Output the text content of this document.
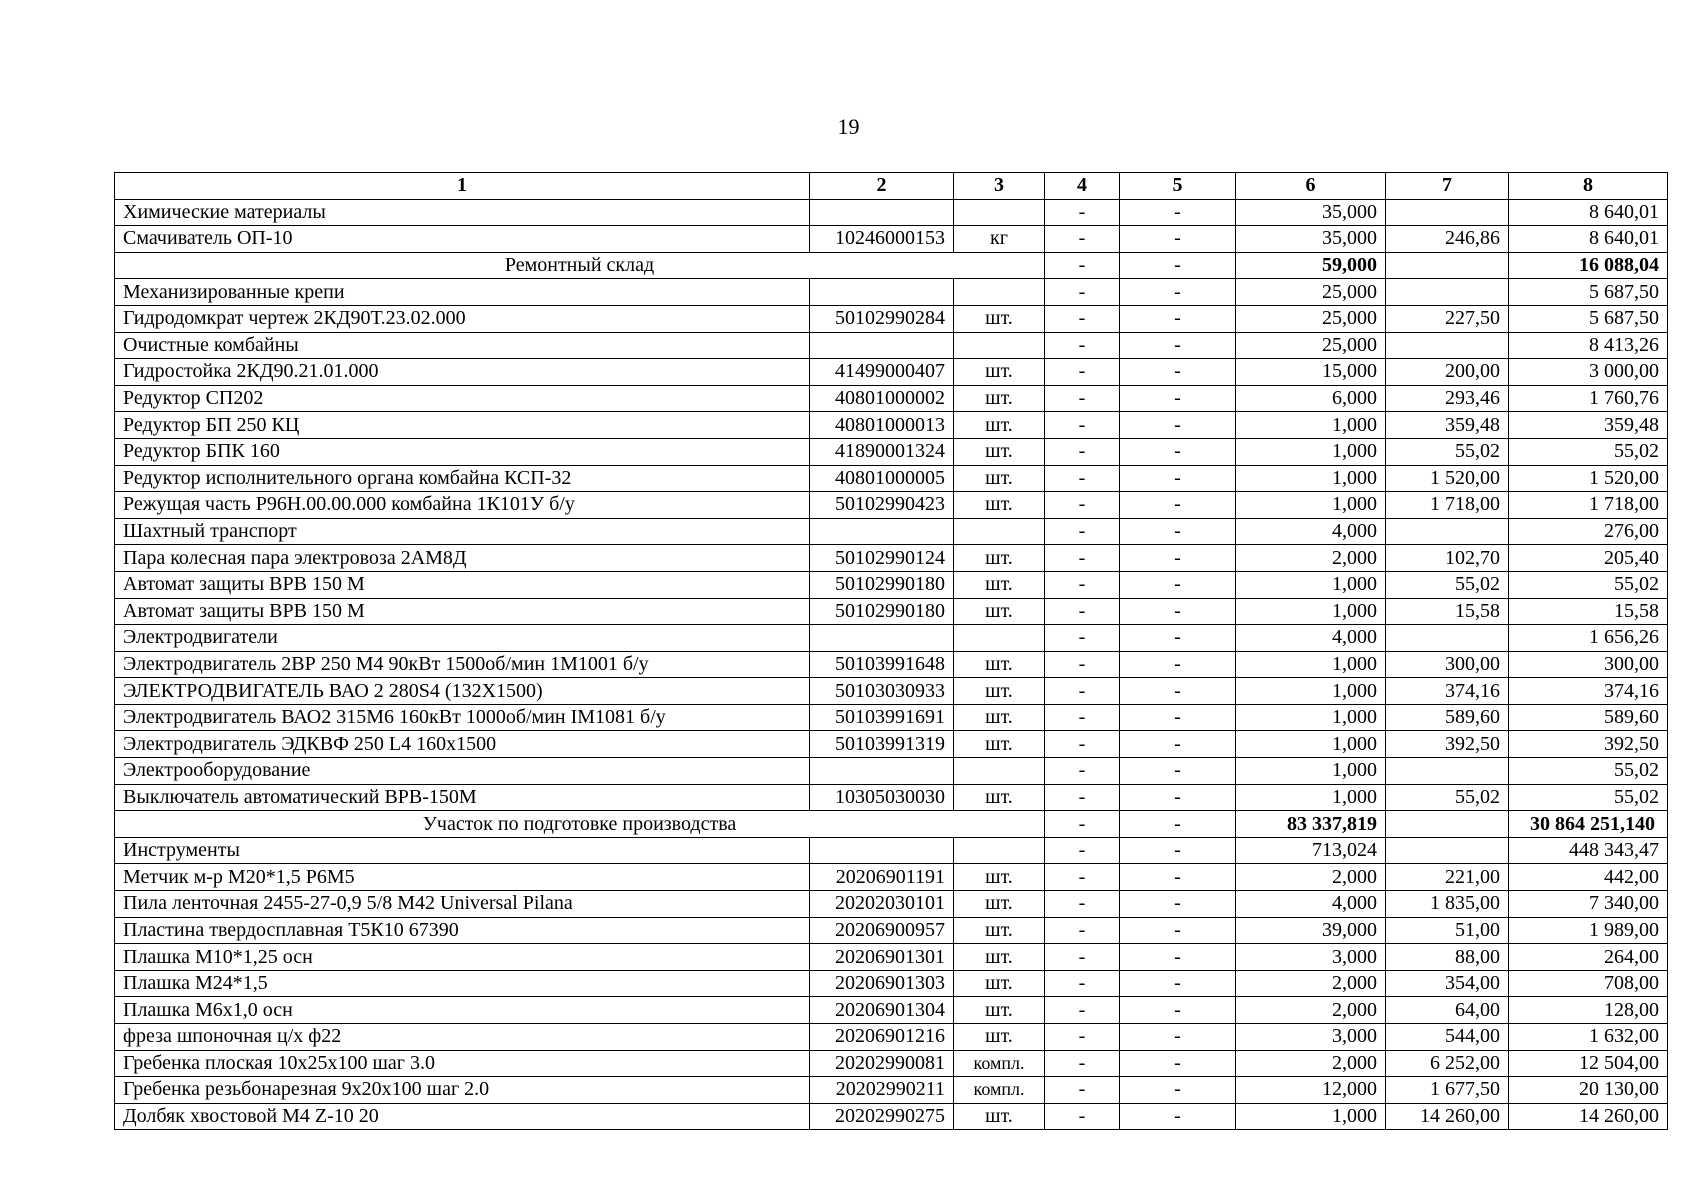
19
1	2	3	4	5	6	7	8
Химические материалы			-	-	35,000		8 640,01
Смачиватель ОП-10	10246000153	кг	-	-	35,000	246,86	8 640,01
Ремонтный склад			-	-	59,000		16 088,04
Механизированные крепи			-	-	25,000		5 687,50
Гидродомкрат чертеж 2КД90Т.23.02.000	50102990284	шт.	-	-	25,000	227,50	5 687,50
Очистные комбайны			-	-	25,000		8 413,26
Гидростойка 2КД90.21.01.000	41499000407	шт.	-	-	15,000	200,00	3 000,00
Редуктор СП202	40801000002	шт.	-	-	6,000	293,46	1 760,76
Редуктор БП 250 КЦ	40801000013	шт.	-	-	1,000	359,48	359,48
Редуктор БПК 160	41890001324	шт.	-	-	1,000	55,02	55,02
Редуктор исполнительного органа комбайна КСП-32	40801000005	шт.	-	-	1,000	1 520,00	1 520,00
Режущая часть Р96Н.00.00.000 комбайна 1К101У б/у	50102990423	шт.	-	-	1,000	1 718,00	1 718,00
Шахтный транспорт			-	-	4,000		276,00
Пара колесная пара электровоза 2АМ8Д	50102990124	шт.	-	-	2,000	102,70	205,40
Автомат защиты ВРВ 150 М	50102990180	шт.	-	-	1,000	55,02	55,02
Автомат защиты ВРВ 150 М	50102990180	шт.	-	-	1,000	15,58	15,58
Электродвигатели			-	-	4,000		1 656,26
Электродвигатель 2ВР 250 М4 90кВт 1500об/мин 1М1001 б/у	50103991648	шт.	-	-	1,000	300,00	300,00
ЭЛЕКТРОДВИГАТЕЛЬ ВАО 2 280S4 (132Х1500)	50103030933	шт.	-	-	1,000	374,16	374,16
Электродвигатель ВАО2 315М6 160кВт 1000об/мин IM1081 б/у	50103991691	шт.	-	-	1,000	589,60	589,60
Электродвигатель ЭДКВФ 250 L4 160х1500	50103991319	шт.	-	-	1,000	392,50	392,50
Электрооборудование			-	-	1,000		55,02
Выключатель автоматический ВРВ-150М	10305030030	шт.	-	-	1,000	55,02	55,02
Участок по подготовке производства			-	-	83 337,819		30 864 251,140
Инструменты			-	-	713,024		448 343,47
Метчик м-р М20*1,5 Р6М5	20206901191	шт.	-	-	2,000	221,00	442,00
Пила ленточная 2455-27-0,9 5/8 M42 Universal Pilana	20202030101	шт.	-	-	4,000	1 835,00	7 340,00
Пластина твердосплавная Т5К10 67390	20206900957	шт.	-	-	39,000	51,00	1 989,00
Плашка М10*1,25 осн	20206901301	шт.	-	-	3,000	88,00	264,00
Плашка М24*1,5	20206901303	шт.	-	-	2,000	354,00	708,00
Плашка М6х1,0 осн	20206901304	шт.	-	-	2,000	64,00	128,00
фреза шпоночная ц/х ф22	20206901216	шт.	-	-	3,000	544,00	1 632,00
Гребенка плоская 10х25х100 шаг 3.0	20202990081	компл.	-	-	2,000	6 252,00	12 504,00
Гребенка резьбонарезная 9х20х100 шаг 2.0	20202990211	компл.	-	-	12,000	1 677,50	20 130,00
Долбяк хвостовой М4 Z-10 20	20202990275	шт.	-	-	1,000	14 260,00	14 260,00
